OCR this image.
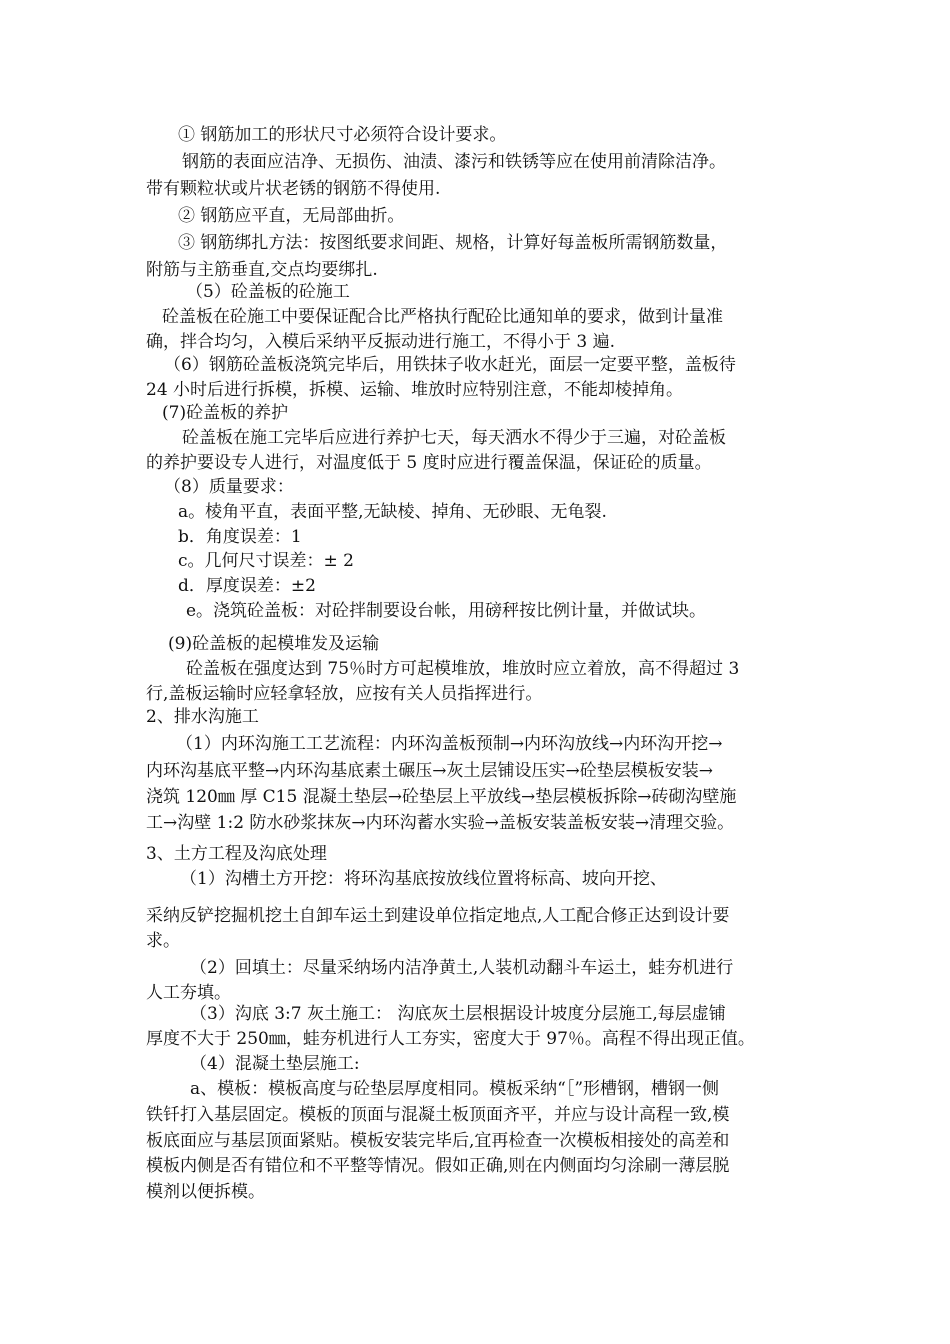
① 钢筋加工的形状尺寸必须符合设计要求。
钢筋的表面应洁净、无损伤、油渍、漆污和铁锈等应在使用前清除洁净。
带有颗粒状或片状老锈的钢筋不得使用.
② 钢筋应平直，无局部曲折。
③ 钢筋绑扎方法：按图纸要求间距、规格，计算好每盖板所需钢筋数量，
附筋与主筋垂直,交点均要绑扎.
（5）砼盖板的砼施工
砼盖板在砼施工中要保证配合比严格执行配砼比通知单的要求，做到计量准
确，拌合均匀，入模后采纳平反振动进行施工，不得小于 3 遍.
（6）钢筋砼盖板浇筑完毕后，用铁抹子收水赶光，面层一定要平整，盖板待
24 小时后进行拆模，拆模、运输、堆放时应特别注意，不能却棱掉角。
(7)砼盖板的养护
砼盖板在施工完毕后应进行养护七天，每天洒水不得少于三遍，对砼盖板
的养护要设专人进行，对温度低于 5 度时应进行覆盖保温，保证砼的质量。
（8）质量要求：
a。棱角平直，表面平整,无缺棱、掉角、无砂眼、无龟裂.
b．角度误差：1
c。几何尺寸误差：± 2
d．厚度误差：±2
e。浇筑砼盖板：对砼拌制要设台帐，用磅秤按比例计量，并做试块。
(9)砼盖板的起模堆发及运输
砼盖板在强度达到 75％时方可起模堆放，堆放时应立着放，高不得超过 3
行,盖板运输时应轻拿轻放，应按有关人员指挥进行。
2、排水沟施工
（1）内环沟施工工艺流程：内环沟盖板预制→内环沟放线→内环沟开挖→
内环沟基底平整→内环沟基底素土碾压→灰土层铺设压实→砼垫层模板安装→
浇筑 120㎜ 厚 C15 混凝土垫层→砼垫层上平放线→垫层模板拆除→砖砌沟壁施
工→沟壁 1:2 防水砂浆抹灰→内环沟蓄水实验→盖板安装盖板安装→清理交验。
3、土方工程及沟底处理
（1）沟槽土方开挖：将环沟基底按放线位置将标高、坡向开挖、
采纳反铲挖掘机挖土自卸车运土到建设单位指定地点,人工配合修正达到设计要
求。
（2）回填土：尽量采纳场内洁净黄土,人装机动翻斗车运土，蛙夯机进行
人工夯填。
（3）沟底 3:7 灰土施工： 沟底灰土层根据设计坡度分层施工,每层虚铺
厚度不大于 250㎜，蛙夯机进行人工夯实，密度大于 97％。高程不得出现正值。
（4）混凝土垫层施工:
a、模板：模板高度与砼垫层厚度相同。模板采纳“［”形槽钢，槽钢一侧
铁钎打入基层固定。模板的顶面与混凝土板顶面齐平，并应与设计高程一致,模
板底面应与基层顶面紧贴。模板安装完毕后,宜再检查一次模板相接处的高差和
模板内侧是否有错位和不平整等情况。假如正确,则在内侧面均匀涂刷一薄层脱
模剂以便拆模。
